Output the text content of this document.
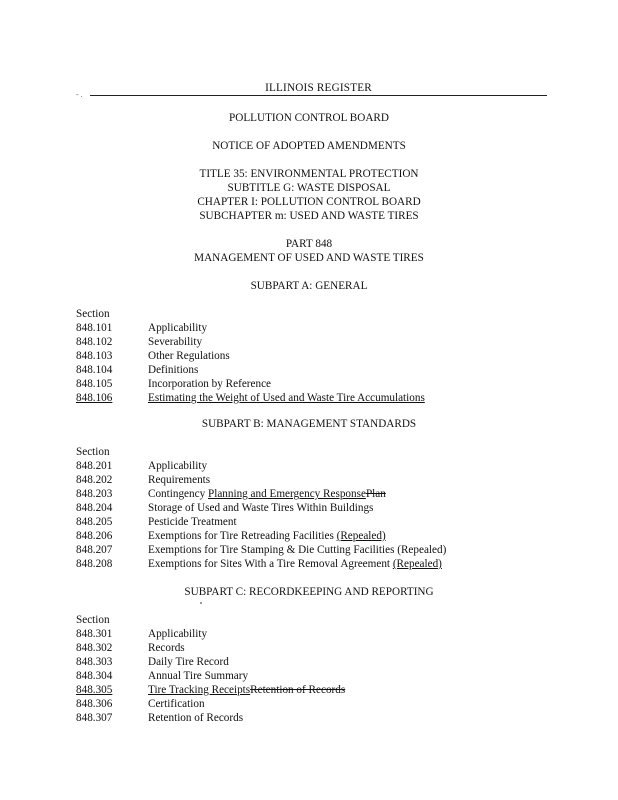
- .
ILLINOIS REGISTER
POLLUTION CONTROL BOARD
NOTICE OF ADOPTED AMENDMENTS
TITLE 35: ENVIRONMENTAL PROTECTION
SUBTITLE G: WASTE DISPOSAL
CHAPTER I: POLLUTION CONTROL BOARD
SUBCHAPTER m: USED AND WASTE TIRES
PART 848
MANAGEMENT OF USED AND WASTE TIRES
SUBPART A: GENERAL
Section
848.101	Applicability
848.102	Severability
848.103	Other Regulations
848.104	Definitions
848.105	Incorporation by Reference
848.106	Estimating the Weight of Used and Waste Tire Accumulations
SUBPART B: MANAGEMENT STANDARDS
Section
848.201	Applicability
848.202	Requirements
848.203	Contingency Planning and Emergency ResponsePlan
848.204	Storage of Used and Waste Tires Within Buildings
848.205	Pesticide Treatment
848.206	Exemptions for Tire Retreading Facilities (Repealed)
848.207	Exemptions for Tire Stamping & Die Cutting Facilities (Repealed)
848.208	Exemptions for Sites With a Tire Removal Agreement (Repealed)
SUBPART C: RECORDKEEPING AND REPORTING
Section
848.301	Applicability
848.302	Records
848.303	Daily Tire Record
848.304	Annual Tire Summary
848.305	Tire Tracking ReceiptsRetention of Records
848.306	Certification
848.307	Retention of Records
